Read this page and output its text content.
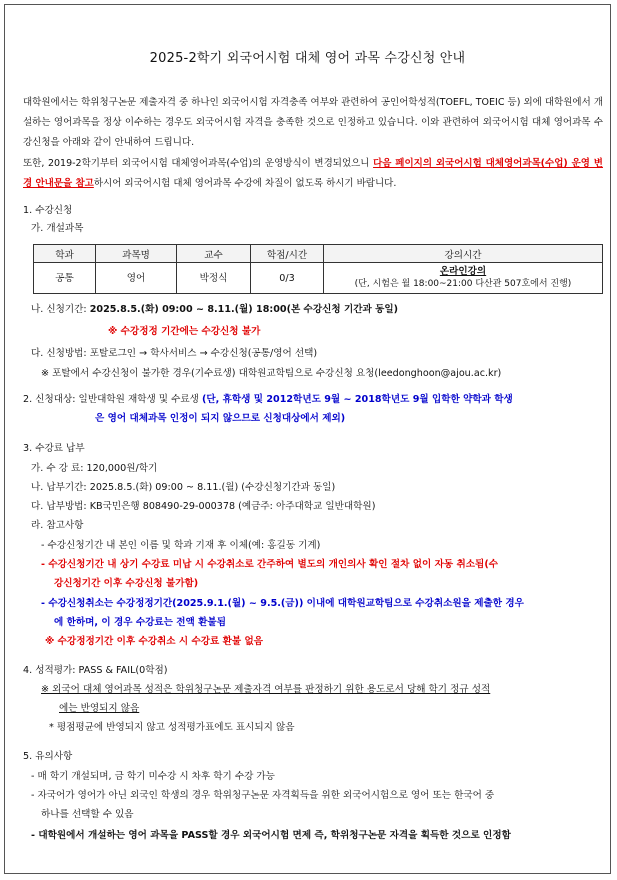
2025-2학기 외국어시험 대체 영어 과목 수강신청 안내
대학원에서는 학위청구논문 제출자격 중 하나인 외국어시험 자격충족 여부와 관련하여 공인어학성적(TOEFL, TOEIC 등) 외에 대학원에서 개설하는 영어과목을 정상 이수하는 경우도 외국어시험 자격을 충족한 것으로 인정하고 있습니다. 이와 관련하여 외국어시험 대체 영어과목 수강신청을 아래와 같이 안내하여 드립니다.
또한, 2019-2학기부터 외국어시험 대체영어과목(수업)의 운영방식이 변경되었으니 다음 페이지의 외국어시험 대체영어과목(수업) 운영 변경 안내문을 참고하시어 외국어시험 대체 영어과목 수강에 차질이 없도록 하시기 바랍니다.
1. 수강신청
가. 개설과목
학과	과목명	교수	학점/시간	강의시간
공통	영어	박정식	0/3	온라인강의
(단, 시험은 월 18:00~21:00 다산관 507호에서 진행)
나. 신청기간: 2025.8.5.(화) 09:00 ~ 8.11.(월) 18:00(본 수강신청 기간과 동일)
※ 수강정정 기간에는 수강신청 불가
다. 신청방법: 포탈로그인 → 학사서비스 → 수강신청(공통/영어 선택)
※ 포탈에서 수강신청이 불가한 경우(기수료생) 대학원교학팀으로 수강신청 요청(leedonghoon@ajou.ac.kr)
2. 신청대상: 일반대학원 재학생 및 수료생 (단, 휴학생 및 2012학년도 9월 ~ 2018학년도 9월 입학한 약학과 학생
은 영어 대체과목 인정이 되지 않으므로 신청대상에서 제외)
3. 수강료 납부
가. 수 강 료: 120,000원/학기
나. 납부기간: 2025.8.5.(화) 09:00 ~ 8.11.(월) (수강신청기간과 동일)
다. 납부방법: KB국민은행 808490-29-000378 (예금주: 아주대학교 일반대학원)
라. 참고사항
- 수강신청기간 내 본인 이름 및 학과 기재 후 이체(예: 홍길동 기계)
- 수강신청기간 내 상기 수강료 미납 시 수강취소로 간주하여 별도의 개인의사 확인 절차 없이 자동 취소됨(수
강신청기간 이후 수강신청 불가함)
- 수강신청취소는 수강정정기간(2025.9.1.(월) ~ 9.5.(금)) 이내에 대학원교학팀으로 수강취소원을 제출한 경우
에 한하며, 이 경우 수강료는 전액 환불됨
※ 수강정정기간 이후 수강취소 시 수강료 환불 없음
4. 성적평가: PASS & FAIL(0학점)
※ 외국어 대체 영어과목 성적은 학위청구논문 제출자격 여부를 판정하기 위한 용도로서 당해 학기 정규 성적
에는 반영되지 않음
* 평점평균에 반영되지 않고 성적평가표에도 표시되지 않음
5. 유의사항
- 매 학기 개설되며, 금 학기 미수강 시 차후 학기 수강 가능
- 자국어가 영어가 아닌 외국인 학생의 경우 학위청구논문 자격획득을 위한 외국어시험으로 영어 또는 한국어 중
하나를 선택할 수 있음
- 대학원에서 개설하는 영어 과목을 PASS할 경우 외국어시험 면제 즉, 학위청구논문 자격을 획득한 것으로 인정함
